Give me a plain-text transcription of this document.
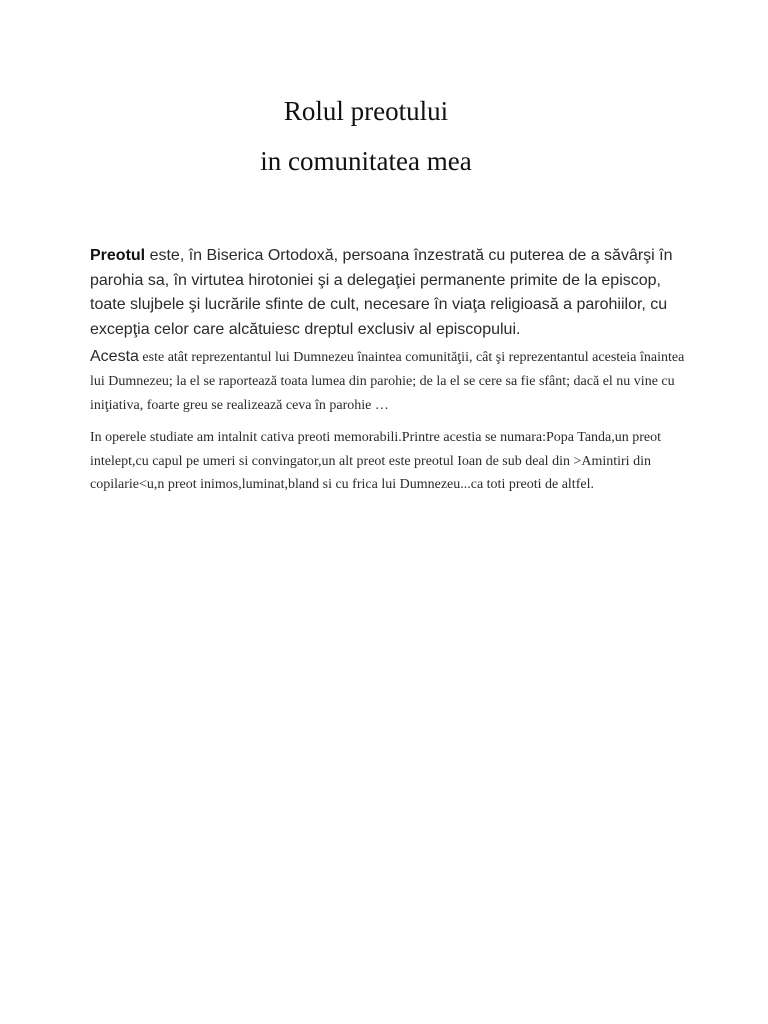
Rolul preotului
in comunitatea mea

Preotul este, în Biserica Ortodoxă, persoana înzestrată cu puterea de a săvârşi în parohia sa, în virtutea hirotoniei şi a delegaţiei permanente primite de la episcop, toate slujbele şi lucrările sfinte de cult, necesare în viaţa religioasă a parohiilor, cu excepţia celor care alcătuiesc dreptul exclusiv al episcopului.

Acesta este atât reprezentantul lui Dumnezeu înaintea comunităţii, cât şi reprezentantul acesteia înaintea lui Dumnezeu; la el se raportează toata lumea din parohie; de la el se cere sa fie sfânt; dacă el nu vine cu iniţiativa, foarte greu se realizează ceva în parohie …

In operele studiate am intalnit cativa preoti memorabili.Printre acestia se numara:Popa Tanda,un preot intelept,cu capul pe umeri si convingator,un alt preot este preotul Ioan de sub deal din >Amintiri din copilarie<u,n preot inimos,luminat,bland si cu frica lui Dumnezeu...ca toti preoti de altfel.
